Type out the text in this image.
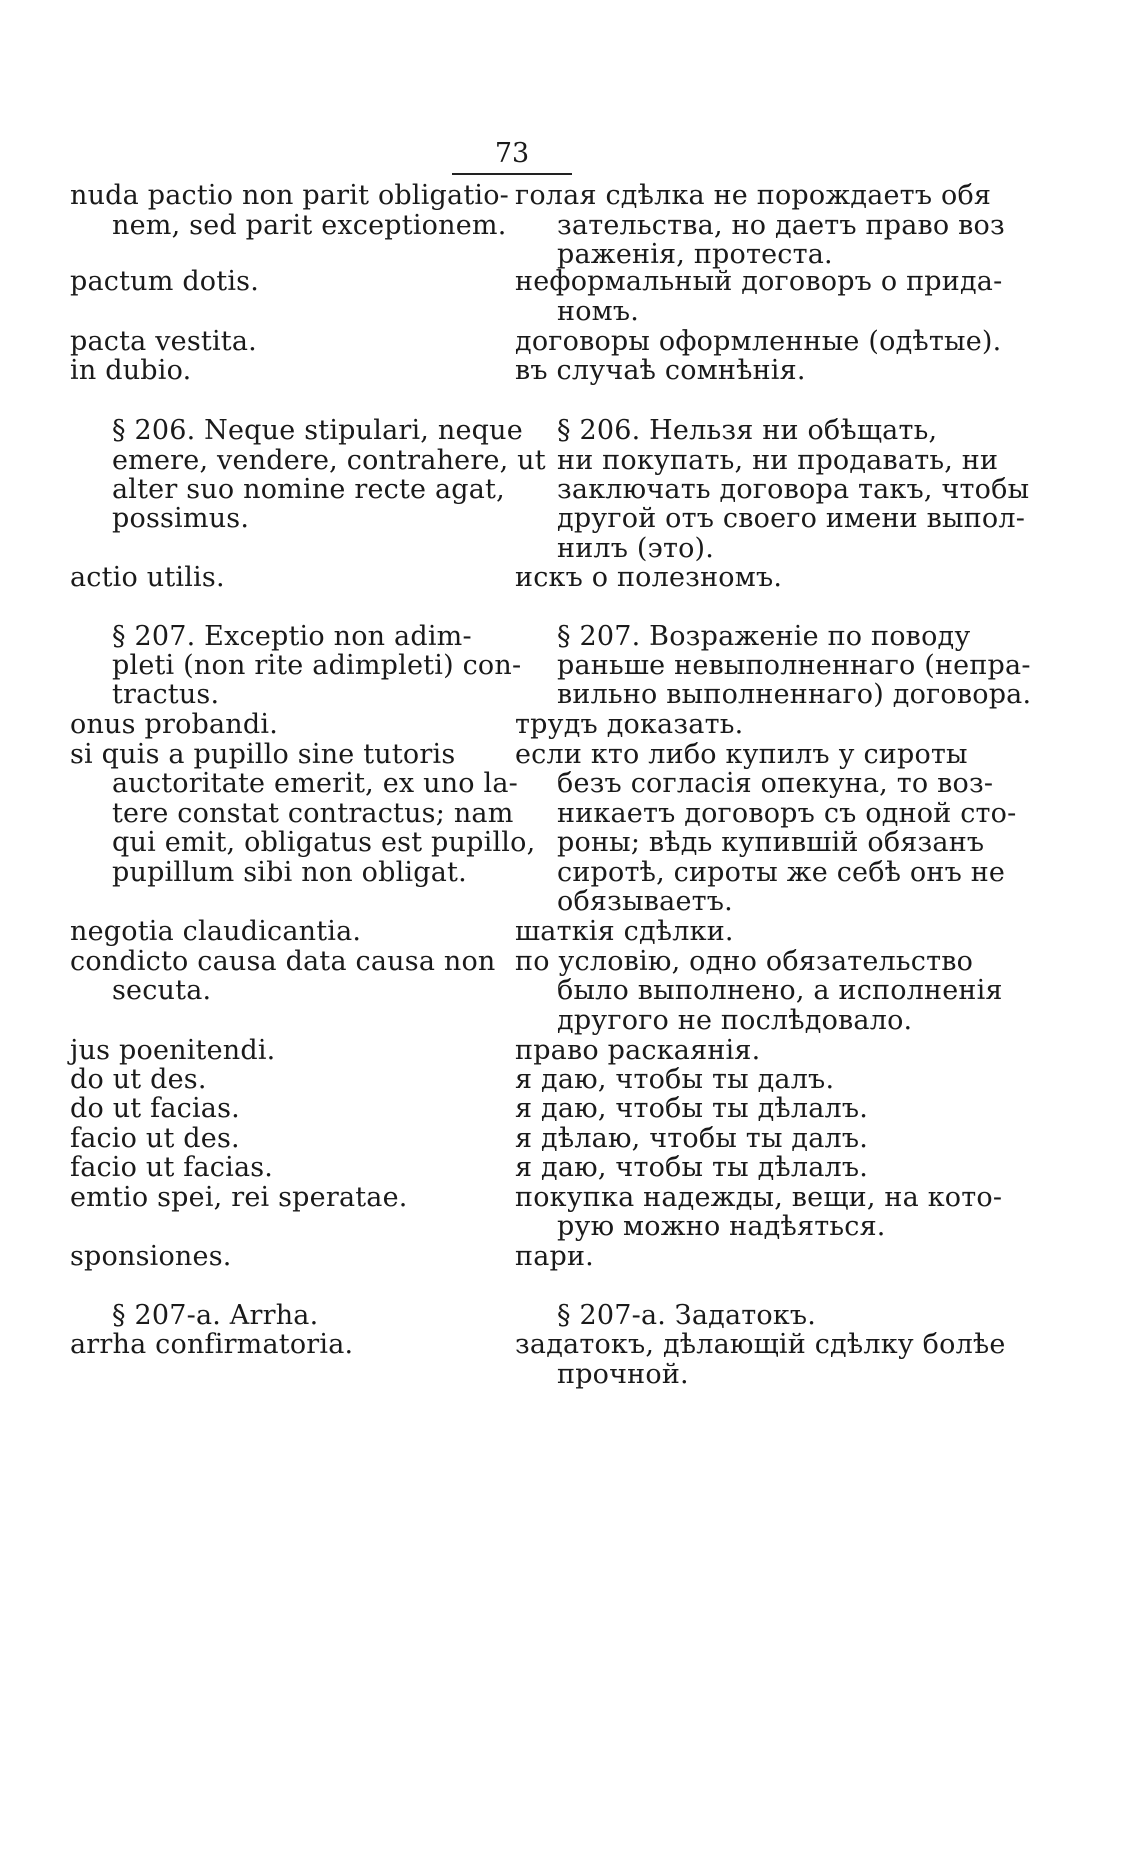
73
nuda pactio non parit obligatio-
nem, sed parit exceptionem.
pactum dotis.
pacta vestita.
in dubio.
§ 206. Neque stipulari, neque
emere, vendere, contrahere, ut
alter suo nomine recte agat,
possimus.
actio utilis.
§ 207. Exceptio non adim-
pleti (non rite adimpleti) con-
tractus.
onus probandi.
si quis a pupillo sine tutoris
auctoritate emerit, ex uno la-
tere constat contractus; nam
qui emit, obligatus est pupillo,
pupillum sibi non obligat.
negotia claudicantia.
condicto causa data causa non
secuta.
jus poenitendi.
do ut des.
do ut facias.
facio ut des.
facio ut facias.
emtio spei, rei speratae.
sponsiones.
§ 207-a. Arrha.
arrha confirmatoria.
голая сдѣлка не порождаетъ обя
зательства, но даетъ право воз
раженія, протеста.
неформальный договоръ о прида-
номъ.
договоры оформленные (одѣтые).
въ случаѣ сомнѣнія.
§ 206. Нельзя ни обѣщать,
ни покупать, ни продавать, ни
заключать договора такъ, чтобы
другой отъ своего имени выпол-
нилъ (это).
искъ о полезномъ.
§ 207. Возраженіе по поводу
раньше невыполненнаго (непра-
вильно выполненнаго) договора.
трудъ доказать.
если кто либо купилъ у сироты
безъ согласія опекуна, то воз-
никаетъ договоръ съ одной сто-
роны; вѣдь купившій обязанъ
сиротѣ, сироты же себѣ онъ не
обязываетъ.
шаткія сдѣлки.
по условію, одно обязательство
было выполнено, а исполненія
другого не послѣдовало.
право раскаянія.
я даю, чтобы ты далъ.
я даю, чтобы ты дѣлалъ.
я дѣлаю, чтобы ты далъ.
я даю, чтобы ты дѣлалъ.
покупка надежды, вещи, на кото-
рую можно надѣяться.
пари.
§ 207-а. Задатокъ.
задатокъ, дѣлающій сдѣлку болѣе
прочной.
